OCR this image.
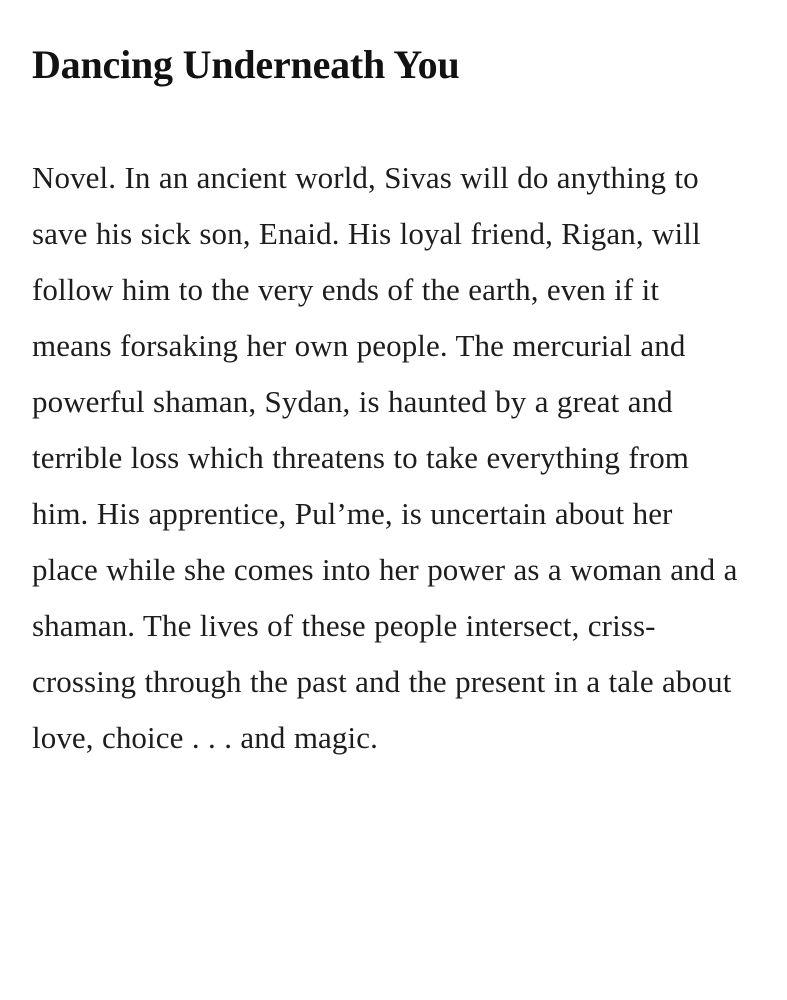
Dancing Underneath You

Novel. In an ancient world, Sivas will do anything to save his sick son, Enaid. His loyal friend, Rigan, will follow him to the very ends of the earth, even if it means forsaking her own people. The mercurial and powerful shaman, Sydan, is haunted by a great and terrible loss which threatens to take everything from him. His apprentice, Pul’me, is uncertain about her place while she comes into her power as a woman and a shaman. The lives of these people intersect, criss-crossing through the past and the present in a tale about love, choice . . . and magic.
